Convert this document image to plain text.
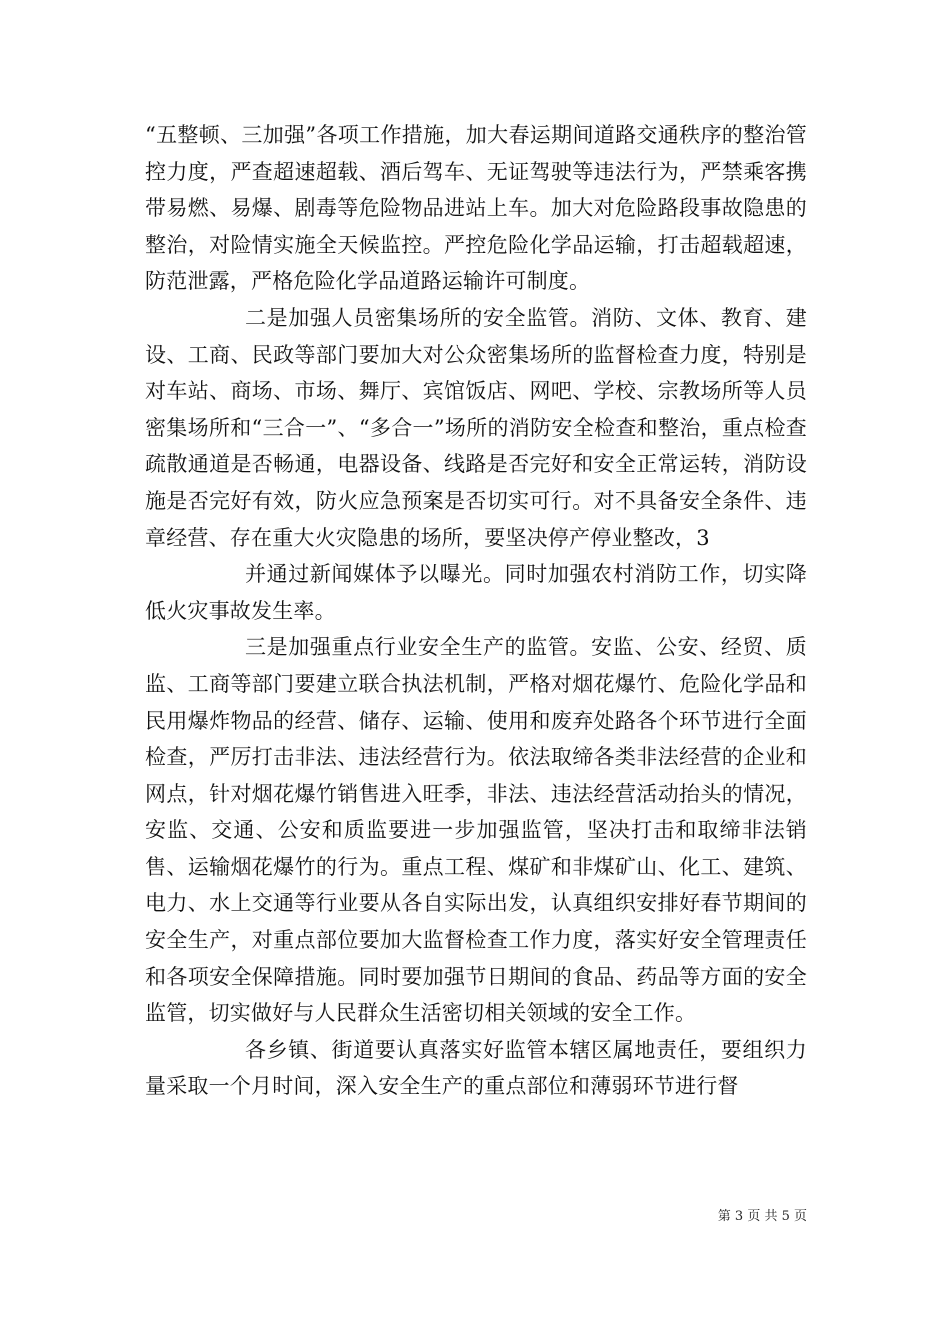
“五整顿、三加强”各项工作措施，加大春运期间道路交通秩序的整治管控力度，严查超速超载、酒后驾车、无证驾驶等违法行为，严禁乘客携带易燃、易爆、剧毒等危险物品进站上车。加大对危险路段事故隐患的整治，对险情实施全天候监控。严控危险化学品运输，打击超载超速，防范泄露，严格危险化学品道路运输许可制度。

二是加强人员密集场所的安全监管。消防、文体、教育、建设、工商、民政等部门要加大对公众密集场所的监督检查力度，特别是对车站、商场、市场、舞厅、宾馆饭店、网吧、学校、宗教场所等人员密集场所和“三合一”、“多合一”场所的消防安全检查和整治，重点检查疏散通道是否畅通，电器设备、线路是否完好和安全正常运转，消防设施是否完好有效，防火应急预案是否切实可行。对不具备安全条件、违章经营、存在重大火灾隐患的场所，要坚决停产停业整改，3

并通过新闻媒体予以曝光。同时加强农村消防工作，切实降低火灾事故发生率。

三是加强重点行业安全生产的监管。安监、公安、经贸、质监、工商等部门要建立联合执法机制，严格对烟花爆竹、危险化学品和民用爆炸物品的经营、储存、运输、使用和废弃处路各个环节进行全面检查，严厉打击非法、违法经营行为。依法取缔各类非法经营的企业和网点，针对烟花爆竹销售进入旺季，非法、违法经营活动抬头的情况，安监、交通、公安和质监要进一步加强监管，坚决打击和取缔非法销售、运输烟花爆竹的行为。重点工程、煤矿和非煤矿山、化工、建筑、电力、水上交通等行业要从各自实际出发，认真组织安排好春节期间的安全生产，对重点部位要加大监督检查工作力度，落实好安全管理责任和各项安全保障措施。同时要加强节日期间的食品、药品等方面的安全监管，切实做好与人民群众生活密切相关领域的安全工作。

各乡镇、街道要认真落实好监管本辖区属地责任，要组织力量采取一个月时间，深入安全生产的重点部位和薄弱环节进行督

第 3 页 共 5 页
